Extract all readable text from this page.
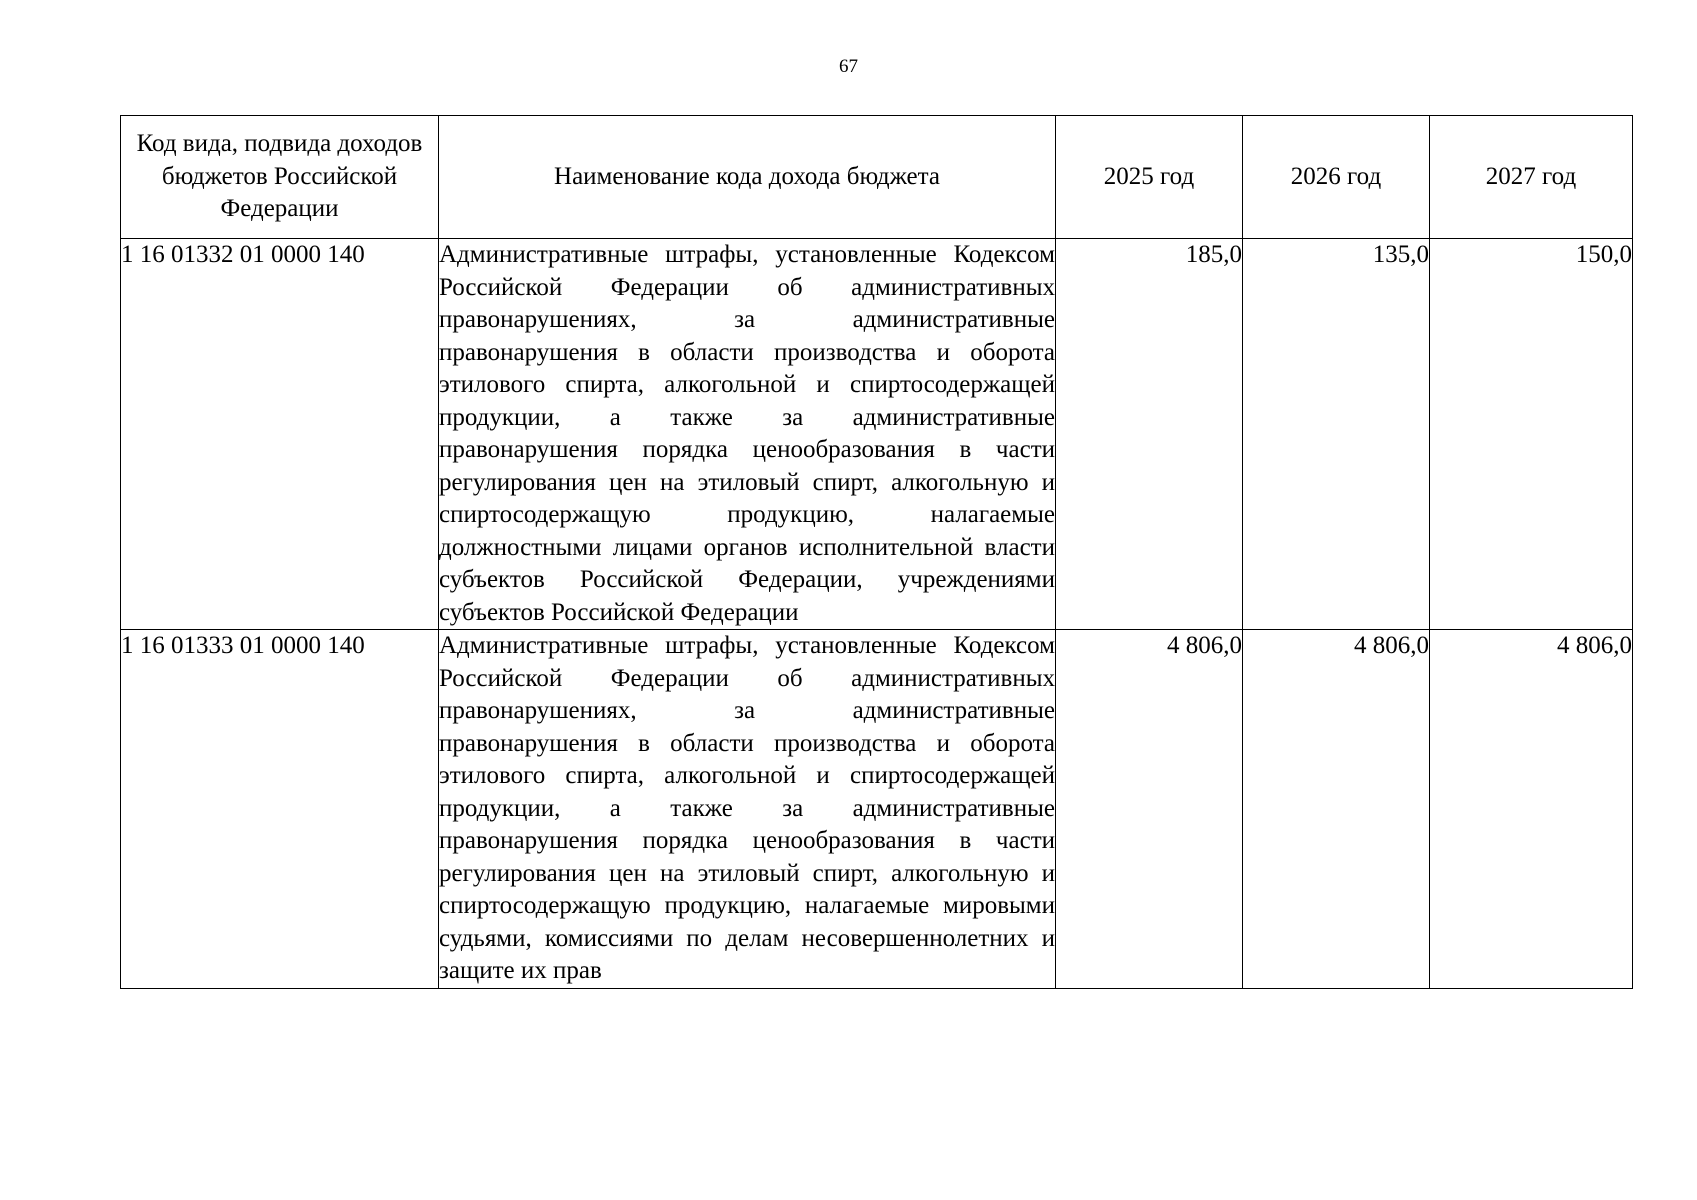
67
Код вида, подвида доходов бюджетов Российской Федерации	Наименование кода дохода бюджета	2025 год	2026 год	2027 год
1 16 01332 01 0000 140	Административные штрафы, установленные Кодексом Российской Федерации об административных правонарушениях, за административные правонарушения в области производства и оборота этилового спирта, алкогольной и спиртосодержащей продукции, а также за административные правонарушения порядка ценообразования в части регулирования цен на этиловый спирт, алкогольную и спиртосодержащую продукцию, налагаемые должностными лицами органов исполнительной власти субъектов Российской Федерации, учреждениями субъектов Российской Федерации	185,0	135,0	150,0
1 16 01333 01 0000 140	Административные штрафы, установленные Кодексом Российской Федерации об административных правонарушениях, за административные правонарушения в области производства и оборота этилового спирта, алкогольной и спиртосодержащей продукции, а также за административные правонарушения порядка ценообразования в части регулирования цен на этиловый спирт, алкогольную и спиртосодержащую продукцию, налагаемые мировыми судьями, комиссиями по делам несовершеннолетних и защите их прав	4 806,0	4 806,0	4 806,0
